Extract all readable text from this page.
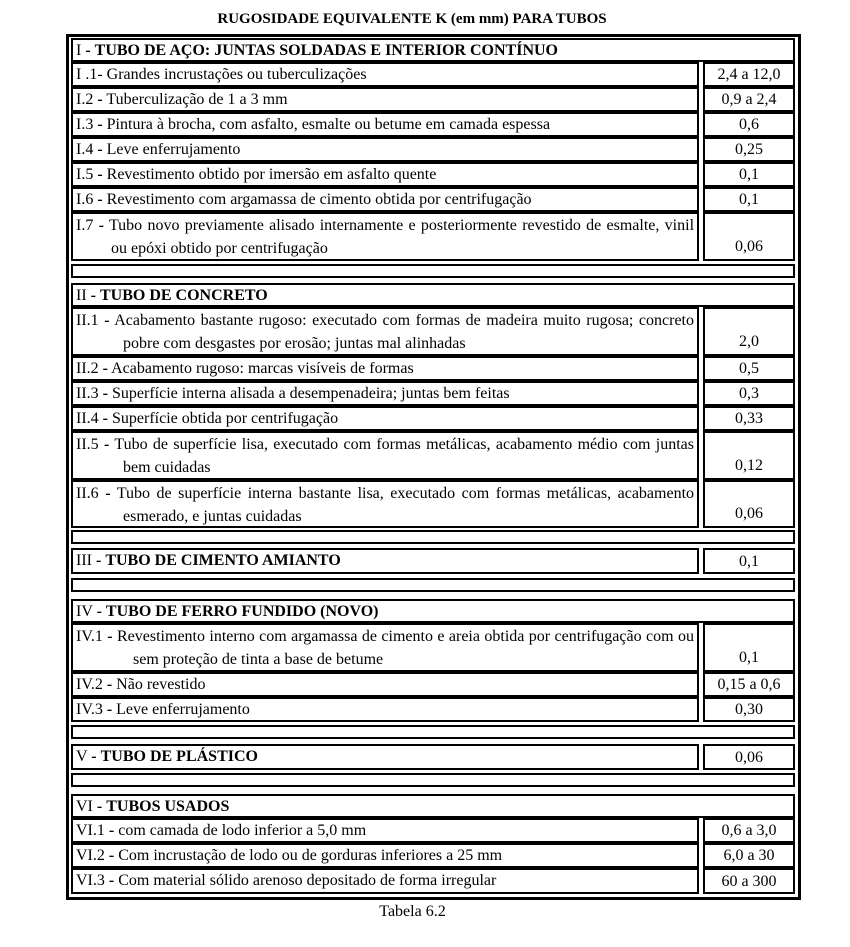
RUGOSIDADE EQUIVALENTE K (em mm) PARA TUBOS
I - TUBO DE AÇO: JUNTAS SOLDADAS E INTERIOR CONTÍNUO
I .1- Grandes incrustações ou tuberculizações	2,4 a 12,0
I.2 - Tuberculização de 1 a 3 mm	0,9 a 2,4
I.3 - Pintura à brocha, com asfalto, esmalte ou betume em camada espessa	0,6
I.4 - Leve enferrujamento	0,25
I.5 - Revestimento obtido por imersão em asfalto quente	0,1
I.6 - Revestimento com argamassa de cimento obtida por centrifugação	0,1
I.7 - Tubo novo previamente alisado internamente e posteriormente revestido de esmalte, vinil ou epóxi obtido por centrifugação	0,06
II - TUBO DE CONCRETO
II.1 - Acabamento bastante rugoso: executado com formas de madeira muito rugosa; concreto pobre com desgastes por erosão; juntas mal alinhadas	2,0
II.2 - Acabamento rugoso: marcas visíveis de formas	0,5
II.3 - Superfície interna alisada a desempenadeira; juntas bem feitas	0,3
II.4 - Superfície obtida por centrifugação	0,33
II.5 - Tubo de superfície lisa, executado com formas metálicas, acabamento médio com juntas bem cuidadas	0,12
II.6 - Tubo de superfície interna bastante lisa, executado com formas metálicas, acabamento esmerado, e juntas cuidadas	0,06
III - TUBO DE CIMENTO AMIANTO	0,1
IV - TUBO DE FERRO FUNDIDO (NOVO)
IV.1 - Revestimento interno com argamassa de cimento e areia obtida por centrifugação com ou sem proteção de tinta a base de betume	0,1
IV.2 - Não revestido	0,15 a 0,6
IV.3 - Leve enferrujamento	0,30
V - TUBO DE PLÁSTICO	0,06
VI - TUBOS USADOS
VI.1 - com camada de lodo inferior a 5,0 mm	0,6 a 3,0
VI.2 - Com incrustação de lodo ou de gorduras inferiores a 25 mm	6,0 a 30
VI.3 - Com material sólido arenoso depositado de forma irregular	60 a 300
Tabela 6.2
